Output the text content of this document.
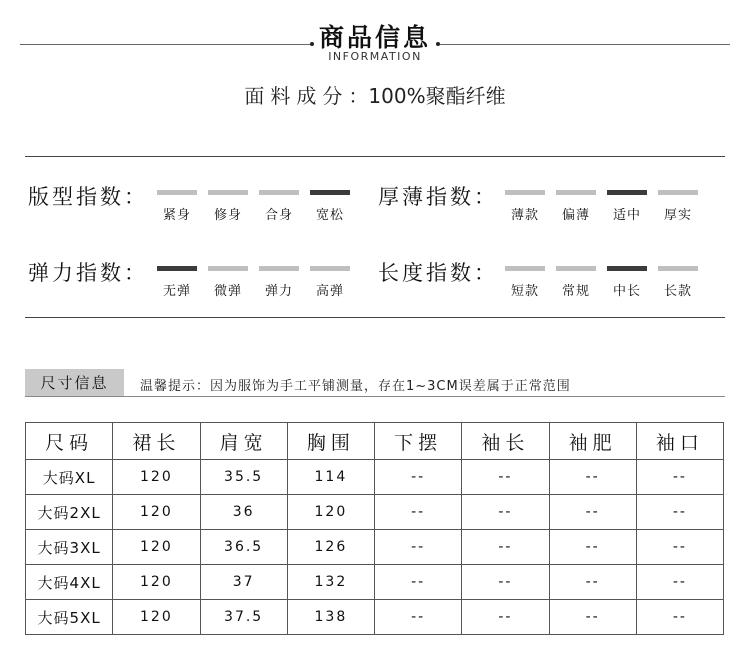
商品信息
INFORMATION
面料成分：100%聚酯纤维
版型指数：
紧身	修身	合身	宽松
厚薄指数：
薄款	偏薄	适中	厚实
弹力指数：
无弹	微弹	弹力	高弹
长度指数：
短款	常规	中长	长款
尺寸信息	温馨提示：因为服饰为手工平铺测量，存在1~3CM误差属于正常范围
尺码	裙长	肩宽	胸围	下摆	袖长	袖肥	袖口
大码XL	120	35.5	114	--	--	--	--
大码2XL	120	36	120	--	--	--	--
大码3XL	120	36.5	126	--	--	--	--
大码4XL	120	37	132	--	--	--	--
大码5XL	120	37.5	138	--	--	--	--
